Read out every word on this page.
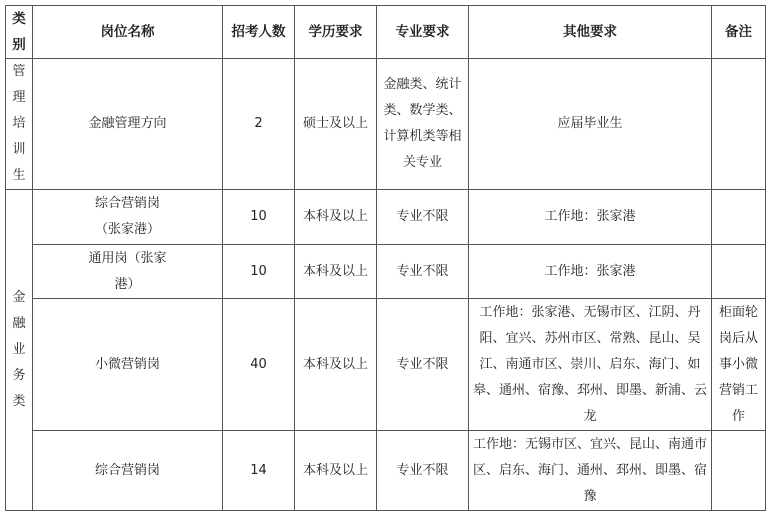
类别	岗位名称	招考人数	学历要求	专业要求	其他要求	备注

管理培训生	金融管理方向	2	硕士及以上	金融类、统计类、数学类、计算机类等相关专业	应届毕业生	

金融业务类	综合营销岗（张家港）	10	本科及以上	专业不限	工作地：张家港	

	通用岗（张家港）	10	本科及以上	专业不限	工作地：张家港	
	小微营销岗	40	本科及以上	专业不限	工作地：张家港、无锡市区、江阴、丹阳、宜兴、苏州市区、常熟、昆山、吴江、南通市区、崇川、启东、海门、如皋、通州、宿豫、邳州、即墨、新浦、云龙	柜面轮岗后从事小微营销工作

	综合营销岗	14	本科及以上	专业不限	工作地：无锡市区、宜兴、昆山、南通市区、启东、海门、通州、邳州、即墨、宿豫	
